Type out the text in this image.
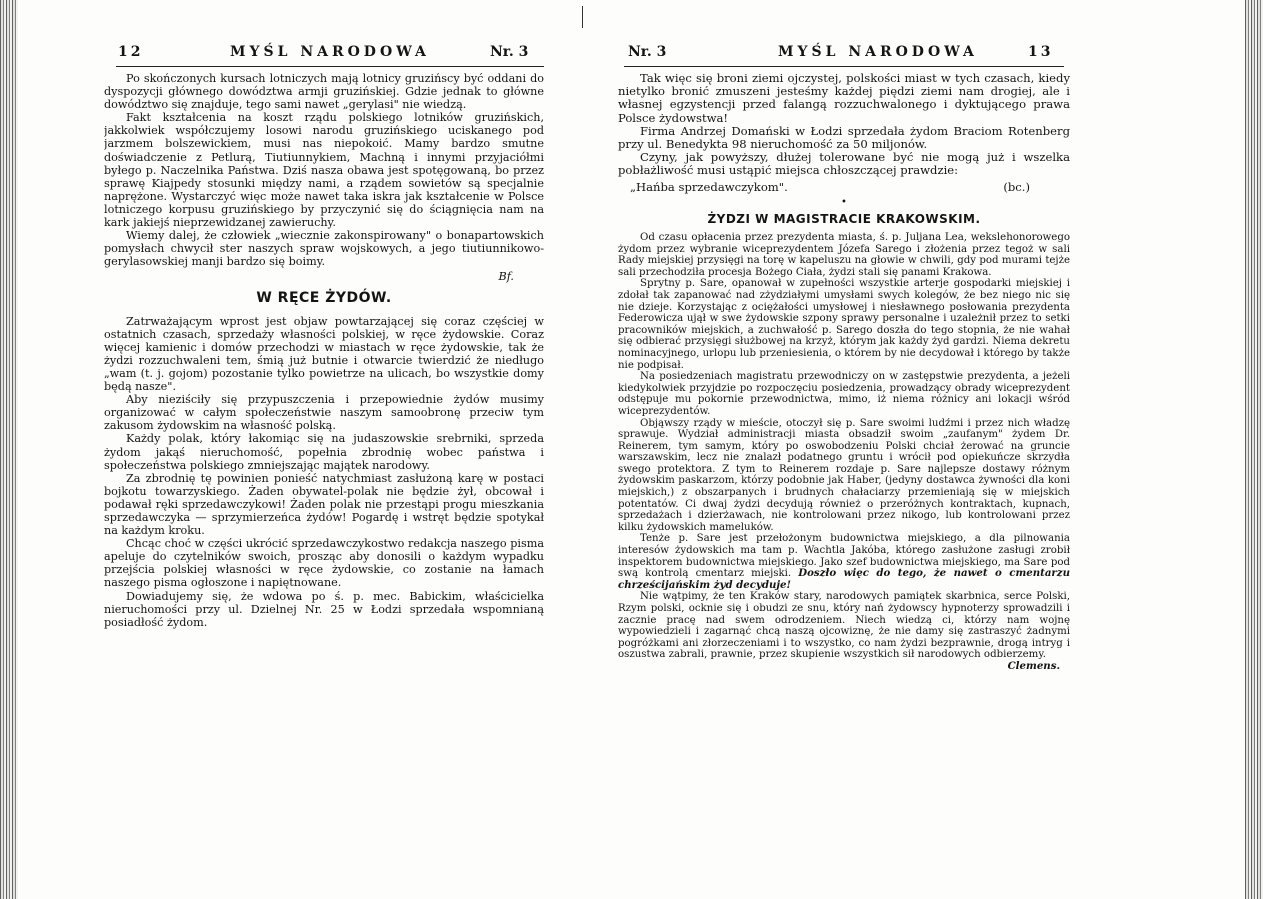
12	MYŚL NARODOWA	Nr. 3

Po skończonych kursach lotniczych mają lotnicy gruzińscy być oddani do dyspozycji głównego dowództwa armji gruzińskiej. Gdzie jednak to główne dowództwo się znajduje, tego sami nawet „gerylasi" nie wiedzą.

Fakt kształcenia na koszt rządu polskiego lotników gruzińskich, jakkolwiek współczujemy losowi narodu gruzińskiego uciskanego pod jarzmem bolszewickiem, musi nas niepokoić. Mamy bardzo smutne doświadczenie z Petlurą, Tiutiunnykiem, Machną i innymi przyjaciółmi byłego p. Naczelnika Państwa. Dziś nasza obawa jest spotęgowaną, bo przez sprawę Kiajpedy stosunki między nami, a rządem sowietów są specjalnie naprężone. Wystarczyć więc może nawet taka iskra jak kształcenie w Polsce lotniczego korpusu gruzińskiego by przyczynić się do ściągnięcia nam na kark jakiejś nieprzewidzanej zawieruchy.

Wiemy dalej, że człowiek „wiecznie zakonspirowany" o bonapartowskich pomysłach chwycił ster naszych spraw wojskowych, a jego tiutiunnikowo-gerylasowskiej manji bardzo się boimy.

Bf.
W RĘCE ŻYDÓW.

Zatrważającym wprost jest objaw powtarzającej się coraz częściej w ostatnich czasach, sprzedaży własności polskiej, w ręce żydowskie. Coraz więcej kamienic i domów przechodzi w miastach w ręce żydowskie, tak że żydzi rozzuchwaleni tem, śmią już butnie i otwarcie twierdzić że niedługo „wam (t. j. gojom) pozostanie tylko powietrze na ulicach, bo wszystkie domy będą nasze".

Aby nieziściły się przypuszczenia i przepowiednie żydów musimy organizować w całym społeczeństwie naszym samoobronę przeciw tym zakusom żydowskim na własność polską.

Każdy polak, który łakomiąc się na judaszowskie srebrniki, sprzeda żydom jakąś nieruchomość, popełnia zbrodnię wobec państwa i społeczeństwa polskiego zmniejszając majątek narodowy.

Za zbrodnię tę powinien ponieść natychmiast zasłużoną karę w postaci bojkotu towarzyskiego. Żaden obywatel-polak nie będzie żył, obcował i podawał ręki sprzedawczykowi! Żaden polak nie przestąpi progu mieszkania sprzedawczyka — sprzymierzeńca żydów! Pogardę i wstręt będzie spotykał na każdym kroku.

Chcąc choć w części ukrócić sprzedawczykostwo redakcja naszego pisma apeluje do czytelników swoich, prosząc aby donosili o każdym wypadku przejścia polskiej własności w ręce żydowskie, co zostanie na łamach naszego pisma ogłoszone i napiętnowane.

Dowiadujemy się, że wdowa po ś. p. mec. Babickim, właścicielka nieruchomości przy ul. Dzielnej Nr. 25 w Łodzi sprzedała wspomnianą posiadłość żydom.

Nr. 3	MYŚL NARODOWA	13

Tak więc się broni ziemi ojczystej, polskości miast w tych czasach, kiedy nietylko bronić zmuszeni jesteśmy każdej piędzi ziemi nam drogiej, ale i własnej egzystencji przed falangą rozzuchwalonego i dyktującego prawa Polsce żydowstwa!

Firma Andrzej Domański w Łodzi sprzedała żydom Braciom Rotenberg przy ul. Benedykta 98 nieruchomość za 50 miljonów.

Czyny, jak powyższy, dłużej tolerowane być nie mogą już i wszelka pobłażliwość musi ustąpić miejsca chłoszczącej prawdzie:

„Hańba sprzedawczykom".	(bc.)
•
ŻYDZI W MAGISTRACIE KRAKOWSKIM.

Od czasu opłacenia przez prezydenta miasta, ś. p. Juljana Lea, wekslehonorowego żydom przez wybranie wiceprezydentem Józefa Sarego i złożenia przez tegoż w sali Rady miejskiej przysięgi na torę w kapeluszu na głowie w chwili, gdy pod murami tejże sali przechodziła procesja Bożego Ciała, żydzi stali się panami Krakowa.

Sprytny p. Sare, opanował w zupełności wszystkie arterje gospodarki miejskiej i zdołał tak zapanować nad zżydziałymi umysłami swych kolegów, że bez niego nic się nie dzieje. Korzystając z ociężałości umysłowej i niesławnego posłowania prezydenta Federowicza ujął w swe żydowskie szpony sprawy personalne i uzależnił przez to setki pracowników miejskich, a zuchwałość p. Sarego doszła do tego stopnia, że nie wahał się odbierać przysięgi służbowej na krzyż, którym jak każdy żyd gardzi. Niema dekretu nominacyjnego, urlopu lub przeniesienia, o którem by nie decydował i którego by także nie podpisał.

Na posiedzeniach magistratu przewodniczy on w zastępstwie prezydenta, a jeżeli kiedykolwiek przyjdzie po rozpoczęciu posiedzenia, prowadzący obrady wiceprezydent odstępuje mu pokornie przewodnictwa, mimo, iż niema różnicy ani lokacji wśród wiceprezydentów.

Objąwszy rządy w mieście, otoczył się p. Sare swoimi ludźmi i przez nich władzę sprawuje. Wydział administracji miasta obsadził swoim „zaufanym" żydem Dr. Reinerem, tym samym, który po oswobodzeniu Polski chciał żerować na gruncie warszawskim, lecz nie znalazł podatnego gruntu i wrócił pod opiekuńcze skrzydła swego protektora. Z tym to Reinerem rozdaje p. Sare najlepsze dostawy różnym żydowskim paskarzom, którzy podobnie jak Haber, (jedyny dostawca żywności dla koni miejskich,) z obszarpanych i brudnych chałaciarzy przemieniają się w miejskich potentatów. Ci dwaj żydzi decydują również o przeróżnych kontraktach, kupnach, sprzedażach i dzierżawach, nie kontrolowani przez nikogo, lub kontrolowani przez kilku żydowskich mameluków.

Tenże p. Sare jest przełożonym budownictwa miejskiego, a dla pilnowania interesów żydowskich ma tam p. Wachtla Jakóba, którego zasłużone zasługi zrobił inspektorem budownictwa miejskiego. Jako szef budownictwa miejskiego, ma Sare pod swą kontrolą cmentarz miejski. Doszło więc do tego, że nawet o cmentarzu chrześcijańskim żyd decyduje!

Nie wątpimy, że ten Kraków stary, narodowych pamiątek skarbnica, serce Polski, Rzym polski, ocknie się i obudzi ze snu, który nań żydowscy hypnoterzy sprowadzili i zacznie pracę nad swem odrodzeniem. Niech wiedzą ci, którzy nam wojnę wypowiedzieli i zagarnąć chcą naszą ojcowiznę, że nie damy się zastraszyć żadnymi pogróżkami ani złorzeczeniami i to wszystko, co nam żydzi bezprawnie, drogą intryg i oszustwa zabrali, prawnie, przez skupienie wszystkich sił narodowych odbierzemy.
Clemens.
